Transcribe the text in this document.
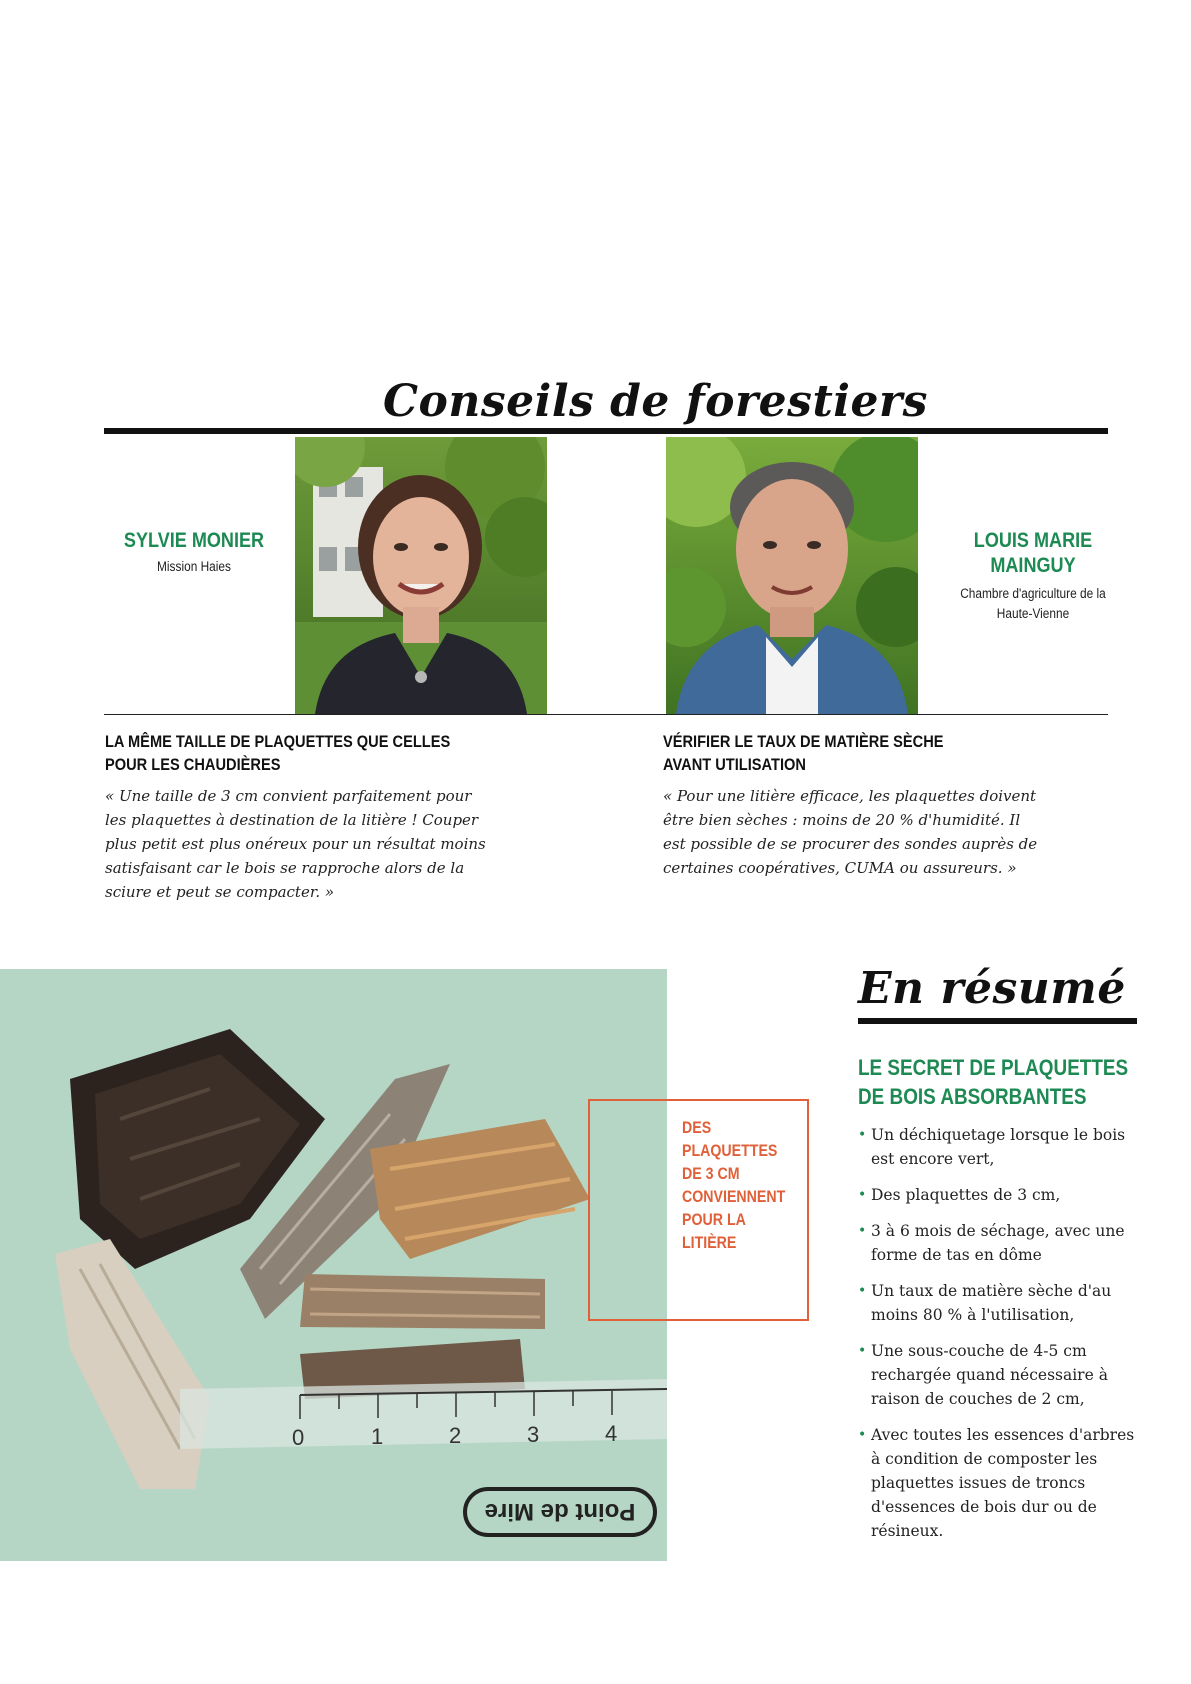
Conseils de forestiers
SYLVIE MONIER
Mission Haies
LOUIS MARIE
MAINGUY
Chambre d'agriculture de la
Haute-Vienne
LA MÊME TAILLE DE PLAQUETTES QUE CELLES
POUR LES CHAUDIÈRES
« Une taille de 3 cm convient parfaitement pour
les plaquettes à destination de la litière ! Couper
plus petit est plus onéreux pour un résultat moins
satisfaisant car le bois se rapproche alors de la
sciure et peut se compacter. »
VÉRIFIER LE TAUX DE MATIÈRE SÈCHE
AVANT UTILISATION
« Pour une litière efficace, les plaquettes doivent
être bien sèches : moins de 20 % d'humidité. Il
est possible de se procurer des sondes auprès de
certaines coopératives, CUMA ou assureurs. »
0	1	2	3	4
Point de Mire
DES
PLAQUETTES
DE 3 CM
CONVIENNENT
POUR LA
LITIÈRE
En résumé
LE SECRET DE PLAQUETTES
DE BOIS ABSORBANTES
• Un déchiquetage lorsque le bois
est encore vert,
• Des plaquettes de 3 cm,
• 3 à 6 mois de séchage, avec une
forme de tas en dôme
• Un taux de matière sèche d'au
moins 80 % à l'utilisation,
• Une sous-couche de 4-5 cm
rechargée quand nécessaire à
raison de couches de 2 cm,
• Avec toutes les essences d'arbres
à condition de composter les
plaquettes issues de troncs
d'essences de bois dur ou de
résineux.
